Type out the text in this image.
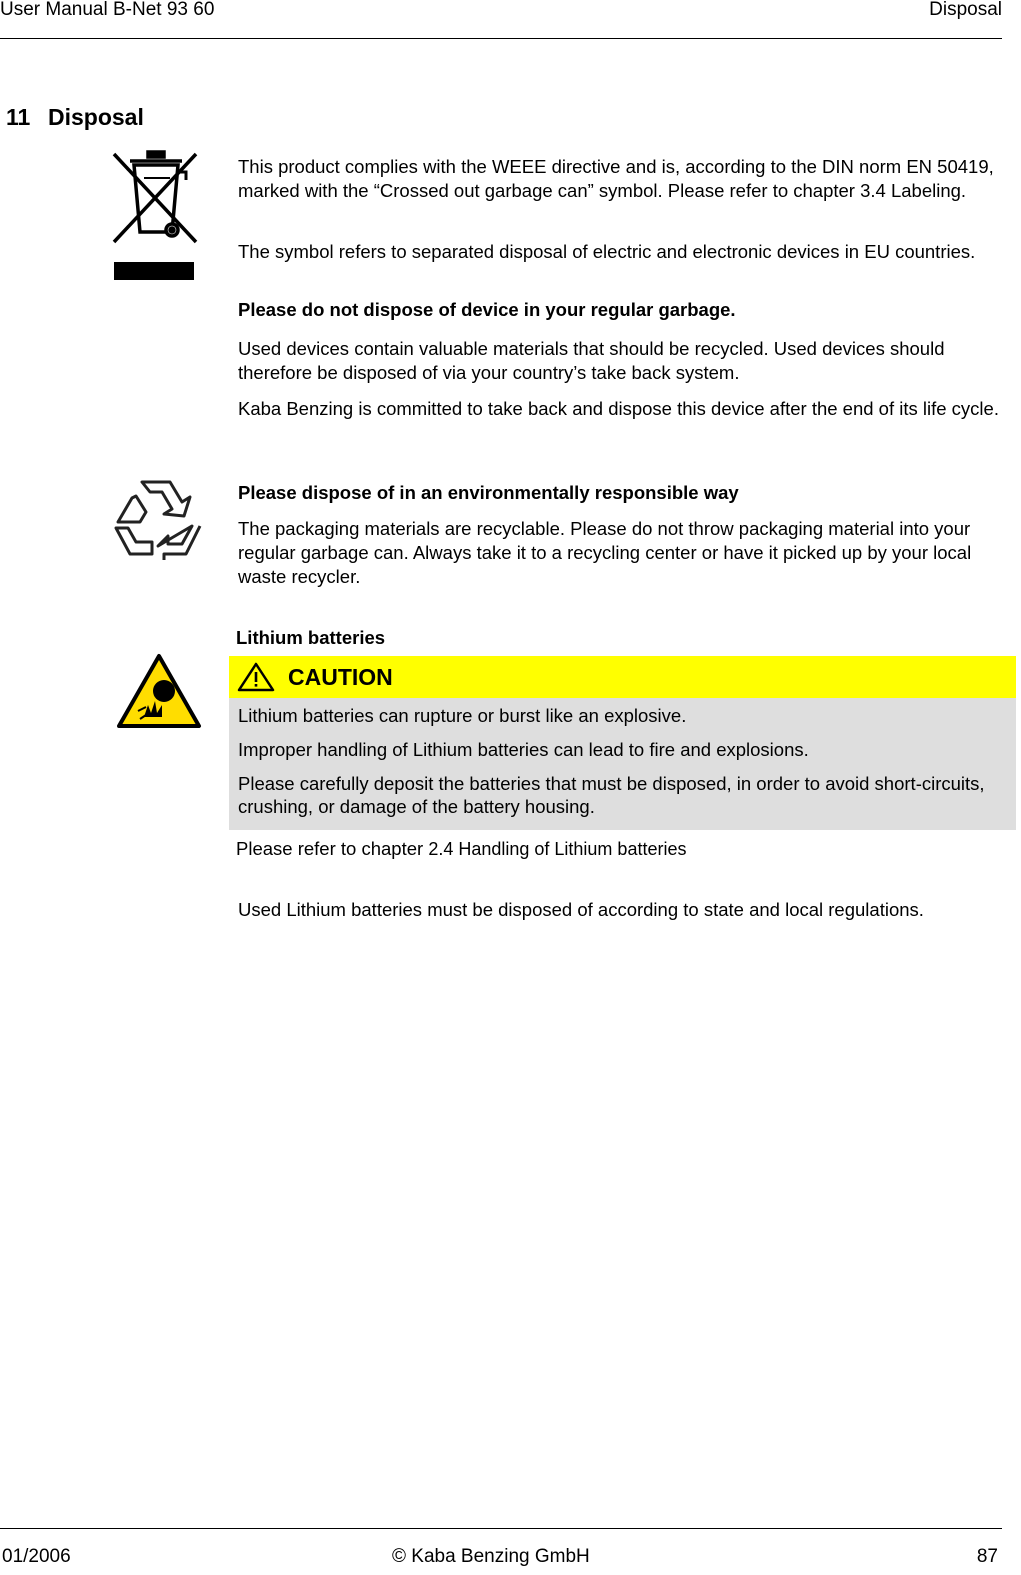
User Manual B-Net 93 60	Disposal
11 Disposal

This product complies with the WEEE directive and is, according to the DIN norm EN 50419, marked with the “Crossed out garbage can” symbol. Please refer to chapter 3.4 Labeling.

The symbol refers to separated disposal of electric and electronic devices in EU countries.

Please do not dispose of device in your regular garbage.

Used devices contain valuable materials that should be recycled. Used devices should therefore be disposed of via your country’s take back system.

Kaba Benzing is committed to take back and dispose this device after the end of its life cycle.

Please dispose of in an environmentally responsible way

The packaging materials are recyclable. Please do not throw packaging material into your regular garbage can. Always take it to a recycling center or have it picked up by your local waste recycler.

Lithium batteries

CAUTION

Lithium batteries can rupture or burst like an explosive.

Improper handling of Lithium batteries can lead to fire and explosions.

Please carefully deposit the batteries that must be disposed, in order to avoid short-circuits, crushing, or damage of the battery housing.

Please refer to chapter 2.4 Handling of Lithium batteries

Used Lithium batteries must be disposed of according to state and local regulations.

01/2006	© Kaba Benzing GmbH	87
